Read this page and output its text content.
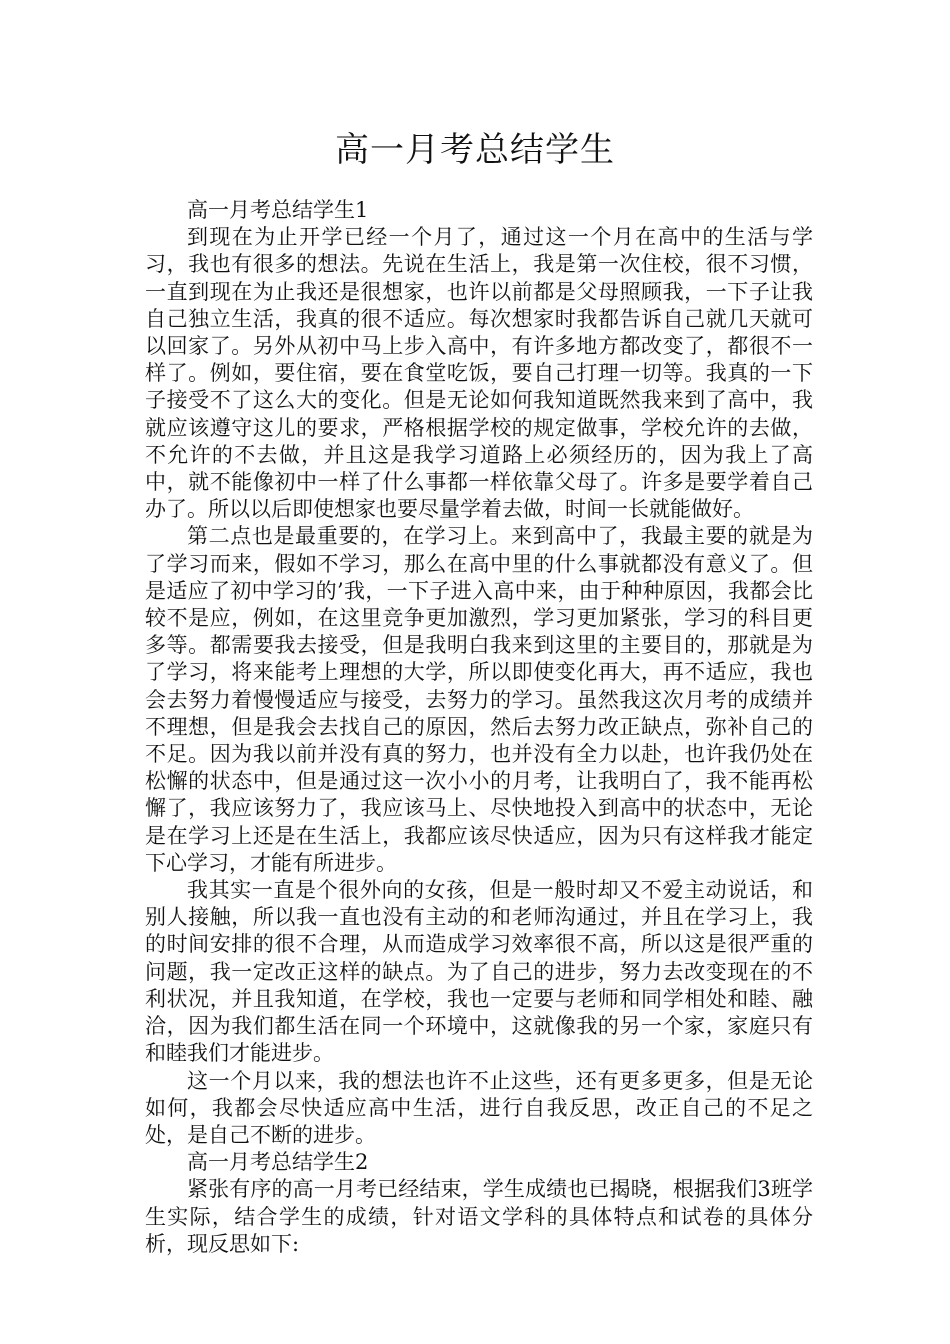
高一月考总结学生

高一月考总结学生1

到现在为止开学已经一个月了，通过这一个月在高中的生活与学习，我也有很多的想法。先说在生活上，我是第一次住校，很不习惯，一直到现在为止我还是很想家，也许以前都是父母照顾我，一下子让我自己独立生活，我真的很不适应。每次想家时我都告诉自己就几天就可以回家了。另外从初中马上步入高中，有许多地方都改变了，都很不一样了。例如，要住宿，要在食堂吃饭，要自己打理一切等。我真的一下子接受不了这么大的变化。但是无论如何我知道既然我来到了高中，我就应该遵守这儿的要求，严格根据学校的规定做事，学校允许的去做，不允许的不去做，并且这是我学习道路上必须经历的，因为我上了高中，就不能像初中一样了什么事都一样依靠父母了。许多是要学着自己办了。所以以后即使想家也要尽量学着去做，时间一长就能做好。

第二点也是最重要的，在学习上。来到高中了，我最主要的就是为了学习而来，假如不学习，那么在高中里的什么事就都没有意义了。但是适应了初中学习的’我，一下子进入高中来，由于种种原因，我都会比较不是应，例如，在这里竞争更加激烈，学习更加紧张，学习的科目更多等。都需要我去接受，但是我明白我来到这里的主要目的，那就是为了学习，将来能考上理想的大学，所以即使变化再大，再不适应，我也会去努力着慢慢适应与接受，去努力的学习。虽然我这次月考的成绩并不理想，但是我会去找自己的原因，然后去努力改正缺点，弥补自己的不足。因为我以前并没有真的努力，也并没有全力以赴，也许我仍处在松懈的状态中，但是通过这一次小小的月考，让我明白了，我不能再松懈了，我应该努力了，我应该马上、尽快地投入到高中的状态中，无论是在学习上还是在生活上，我都应该尽快适应，因为只有这样我才能定下心学习，才能有所进步。

我其实一直是个很外向的女孩，但是一般时却又不爱主动说话，和别人接触，所以我一直也没有主动的和老师沟通过，并且在学习上，我的时间安排的很不合理，从而造成学习效率很不高，所以这是很严重的问题，我一定改正这样的缺点。为了自己的进步，努力去改变现在的不利状况，并且我知道，在学校，我也一定要与老师和同学相处和睦、融洽，因为我们都生活在同一个环境中，这就像我的另一个家，家庭只有和睦我们才能进步。

这一个月以来，我的想法也许不止这些，还有更多更多，但是无论如何，我都会尽快适应高中生活，进行自我反思，改正自己的不足之处，是自己不断的进步。

高一月考总结学生2

紧张有序的高一月考已经结束，学生成绩也已揭晓，根据我们3班学生实际，结合学生的成绩，针对语文学科的具体特点和试卷的具体分析，现反思如下:
